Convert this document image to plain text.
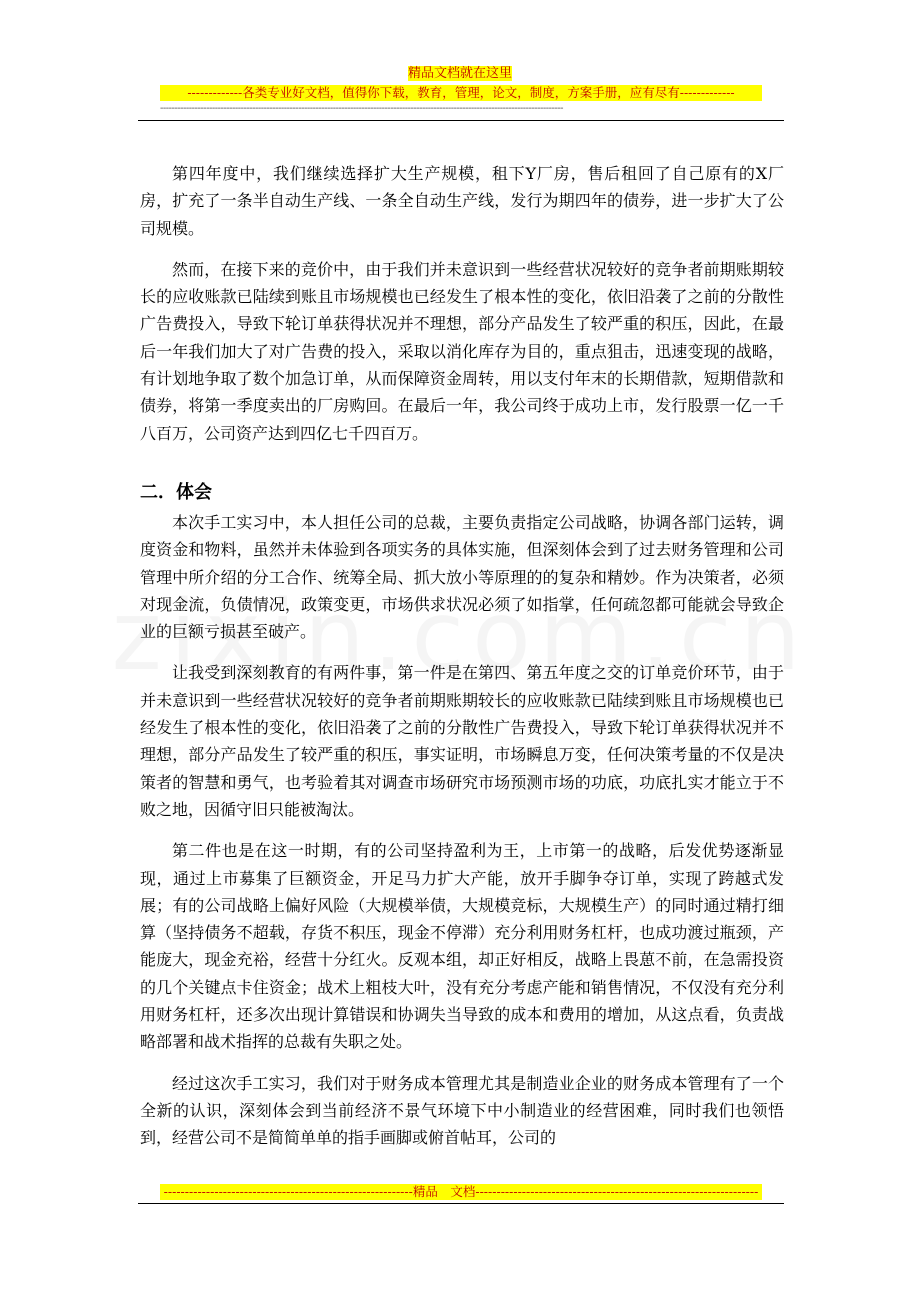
精品文档就在这里
-------------各类专业好文档，值得你下载，教育，管理，论文，制度，方案手册，应有尽有-------------
--------------------------------------------------------------------------------------------------------------------------------------------

第四年度中，我们继续选择扩大生产规模，租下Y厂房，售后租回了自己原有的X厂房，扩充了一条半自动生产线、一条全自动生产线，发行为期四年的债券，进一步扩大了公司规模。

然而，在接下来的竞价中，由于我们并未意识到一些经营状况较好的竞争者前期账期较长的应收账款已陆续到账且市场规模也已经发生了根本性的变化，依旧沿袭了之前的分散性广告费投入，导致下轮订单获得状况并不理想，部分产品发生了较严重的积压，因此，在最后一年我们加大了对广告费的投入，采取以消化库存为目的，重点狙击，迅速变现的战略，有计划地争取了数个加急订单，从而保障资金周转，用以支付年末的长期借款，短期借款和债券，将第一季度卖出的厂房购回。在最后一年，我公司终于成功上市，发行股票一亿一千八百万，公司资产达到四亿七千四百万。

二．体会

本次手工实习中，本人担任公司的总裁，主要负责指定公司战略，协调各部门运转，调度资金和物料，虽然并未体验到各项实务的具体实施，但深刻体会到了过去财务管理和公司管理中所介绍的分工合作、统筹全局、抓大放小等原理的的复杂和精妙。作为决策者，必须对现金流，负债情况，政策变更，市场供求状况必须了如指掌，任何疏忽都可能就会导致企业的巨额亏损甚至破产。

让我受到深刻教育的有两件事，第一件是在第四、第五年度之交的订单竞价环节，由于并未意识到一些经营状况较好的竞争者前期账期较长的应收账款已陆续到账且市场规模也已经发生了根本性的变化，依旧沿袭了之前的分散性广告费投入，导致下轮订单获得状况并不理想，部分产品发生了较严重的积压，事实证明，市场瞬息万变，任何决策考量的不仅是决策者的智慧和勇气，也考验着其对调查市场研究市场预测市场的功底，功底扎实才能立于不败之地，因循守旧只能被淘汰。

第二件也是在这一时期，有的公司坚持盈利为王，上市第一的战略，后发优势逐渐显现，通过上市募集了巨额资金，开足马力扩大产能，放开手脚争夺订单，实现了跨越式发展；有的公司战略上偏好风险（大规模举债，大规模竞标，大规模生产）的同时通过精打细算（坚持债务不超载，存货不积压，现金不停滞）充分利用财务杠杆，也成功渡过瓶颈，产能庞大，现金充裕，经营十分红火。反观本组，却正好相反，战略上畏葸不前，在急需投资的几个关键点卡住资金；战术上粗枝大叶，没有充分考虑产能和销售情况，不仅没有充分利用财务杠杆，还多次出现计算错误和协调失当导致的成本和费用的增加，从这点看，负责战略部署和战术指挥的总裁有失职之处。

经过这次手工实习，我们对于财务成本管理尤其是制造业企业的财务成本管理有了一个全新的认识，深刻体会到当前经济不景气环境下中小制造业的经营困难，同时我们也领悟到，经营公司不是简简单单的指手画脚或俯首帖耳，公司的

-----------------------------------------------------------精品　文档-------------------------------------------------------------------
